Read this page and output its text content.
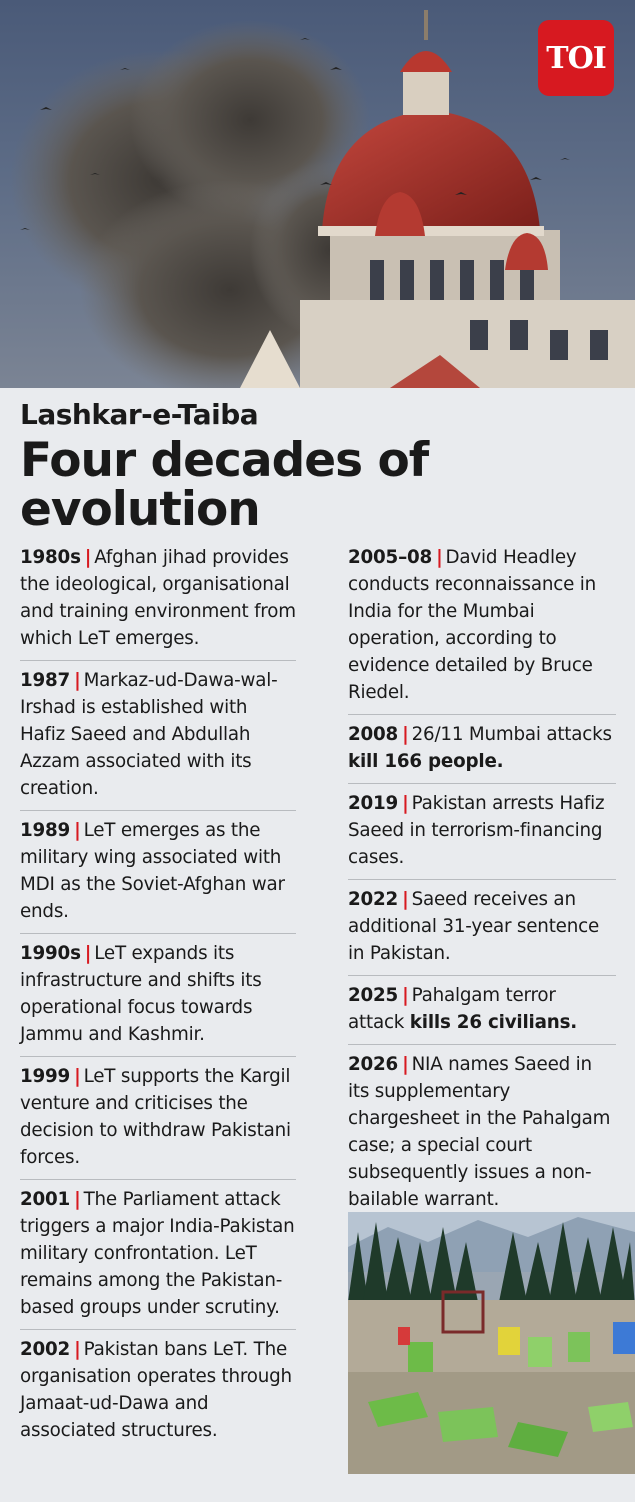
TOI
Lashkar-e-Taiba
Four decades of evolution
1980s | Afghan jihad provides the ideological, organisational and training environment from which LeT emerges.
1987 | Markaz-ud-Dawa-wal-Irshad is established with Hafiz Saeed and Abdullah Azzam associated with its creation.
1989 | LeT emerges as the military wing associated with MDI as the Soviet-Afghan war ends.
1990s | LeT expands its infrastructure and shifts its operational focus towards Jammu and Kashmir.
1999 | LeT supports the Kargil venture and criticises the decision to withdraw Pakistani forces.
2001 | The Parliament attack triggers a major India-Pakistan military confrontation. LeT remains among the Pakistan-based groups under scrutiny.
2002 | Pakistan bans LeT. The organisation operates through Jamaat-ud-Dawa and associated structures.
2005–08 | David Headley conducts reconnaissance in India for the Mumbai operation, according to evidence detailed by Bruce Riedel.
2008 | 26/11 Mumbai attacks kill 166 people.
2019 | Pakistan arrests Hafiz Saeed in terrorism-financing cases.
2022 | Saeed receives an additional 31-year sentence in Pakistan.
2025 | Pahalgam terror attack kills 26 civilians.
2026 | NIA names Saeed in its supplementary chargesheet in the Pahalgam case; a special court subsequently issues a non-bailable warrant.
